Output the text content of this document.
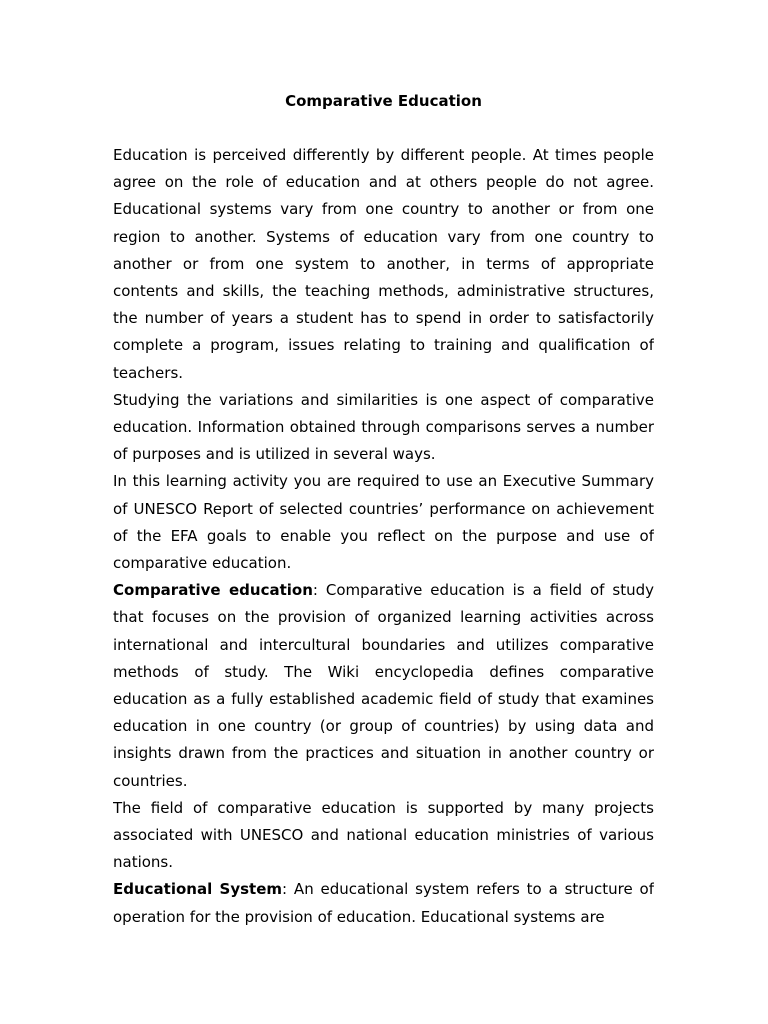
Comparative Education

Education is perceived differently by different people. At times people agree on the role of education and at others people do not agree. Educational systems vary from one country to another or from one region to another. Systems of education vary from one country to another or from one system to another, in terms of appropriate contents and skills, the teaching methods, administrative structures, the number of years a student has to spend in order to satisfactorily complete a program, issues relating to training and qualification of teachers.

Studying the variations and similarities is one aspect of comparative education. Information obtained through comparisons serves a number of purposes and is utilized in several ways.

In this learning activity you are required to use an Executive Summary of UNESCO Report of selected countries’ performance on achievement of the EFA goals to enable you reflect on the purpose and use of comparative education.

Comparative education: Comparative education is a field of study that focuses on the provision of organized learning activities across international and intercultural boundaries and utilizes comparative methods of study. The Wiki encyclopedia defines comparative education as a fully established academic field of study that examines education in one country (or group of countries) by using data and insights drawn from the practices and situation in another country or countries.

The field of comparative education is supported by many projects associated with UNESCO and national education ministries of various nations.

Educational System: An educational system refers to a structure of operation for the provision of education. Educational systems are
